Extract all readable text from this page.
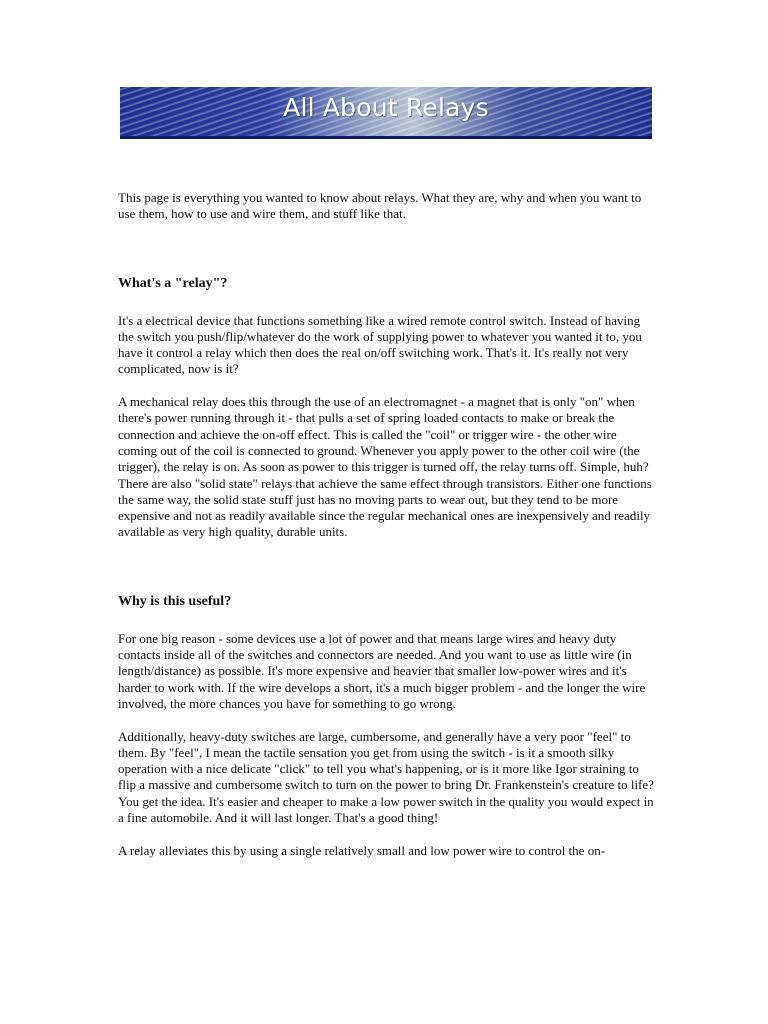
All About Relays

This page is everything you wanted to know about relays. What they are, why and when you want to use them, how to use and wire them, and stuff like that.

What's a "relay"?

It's a electrical device that functions something like a wired remote control switch. Instead of having the switch you push/flip/whatever do the work of supplying power to whatever you wanted it to, you have it control a relay which then does the real on/off switching work. That's it. It's really not very complicated, now is it?

A mechanical relay does this through the use of an electromagnet - a magnet that is only "on" when there's power running through it - that pulls a set of spring loaded contacts to make or break the connection and achieve the on-off effect. This is called the "coil" or trigger wire - the other wire coming out of the coil is connected to ground. Whenever you apply power to the other coil wire (the trigger), the relay is on. As soon as power to this trigger is turned off, the relay turns off. Simple, huh? There are also "solid state" relays that achieve the same effect through transistors. Either one functions the same way, the solid state stuff just has no moving parts to wear out, but they tend to be more expensive and not as readily available since the regular mechanical ones are inexpensively and readily available as very high quality, durable units.

Why is this useful?

For one big reason - some devices use a lot of power and that means large wires and heavy duty contacts inside all of the switches and connectors are needed. And you want to use as little wire (in length/distance) as possible. It's more expensive and heavier that smaller low-power wires and it's harder to work with. If the wire develops a short, it's a much bigger problem - and the longer the wire involved, the more chances you have for something to go wrong.

Additionally, heavy-duty switches are large, cumbersome, and generally have a very poor "feel" to them. By "feel", I mean the tactile sensation you get from using the switch - is it a smooth silky operation with a nice delicate "click" to tell you what's happening, or is it more like Igor straining to flip a massive and cumbersome switch to turn on the power to bring Dr. Frankenstein's creature to life? You get the idea. It's easier and cheaper to make a low power switch in the quality you would expect in a fine automobile. And it will last longer. That's a good thing!

A relay alleviates this by using a single relatively small and low power wire to control the on-
